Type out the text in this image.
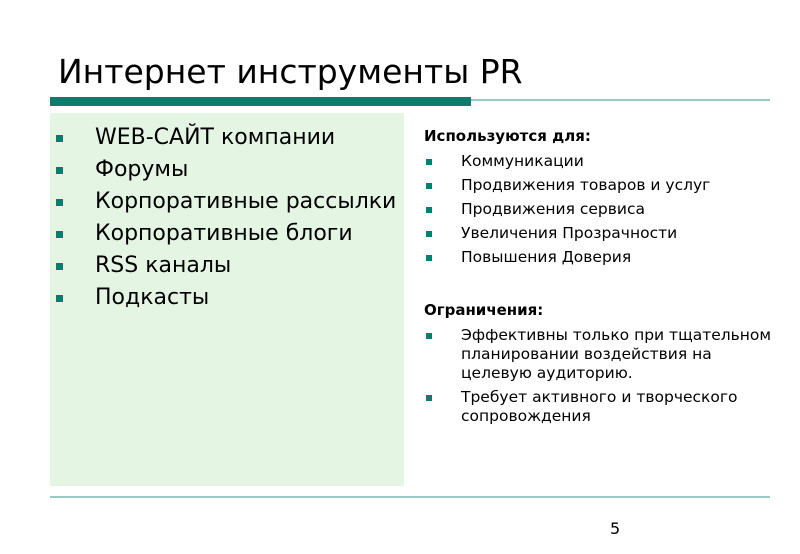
Интернет инструменты PR
WEB-САЙТ компании
Форумы
Корпоративные рассылки
Корпоративные блоги
RSS каналы
Подкасты
Используются для:
Коммуникации
Продвижения товаров и услуг
Продвижения сервиса
Увеличения Прозрачности
Повышения Доверия
Ограничения:
Эффективны только при тщательном планировании воздействия на целевую аудиторию.
Требует активного и творческого сопровождения
5
